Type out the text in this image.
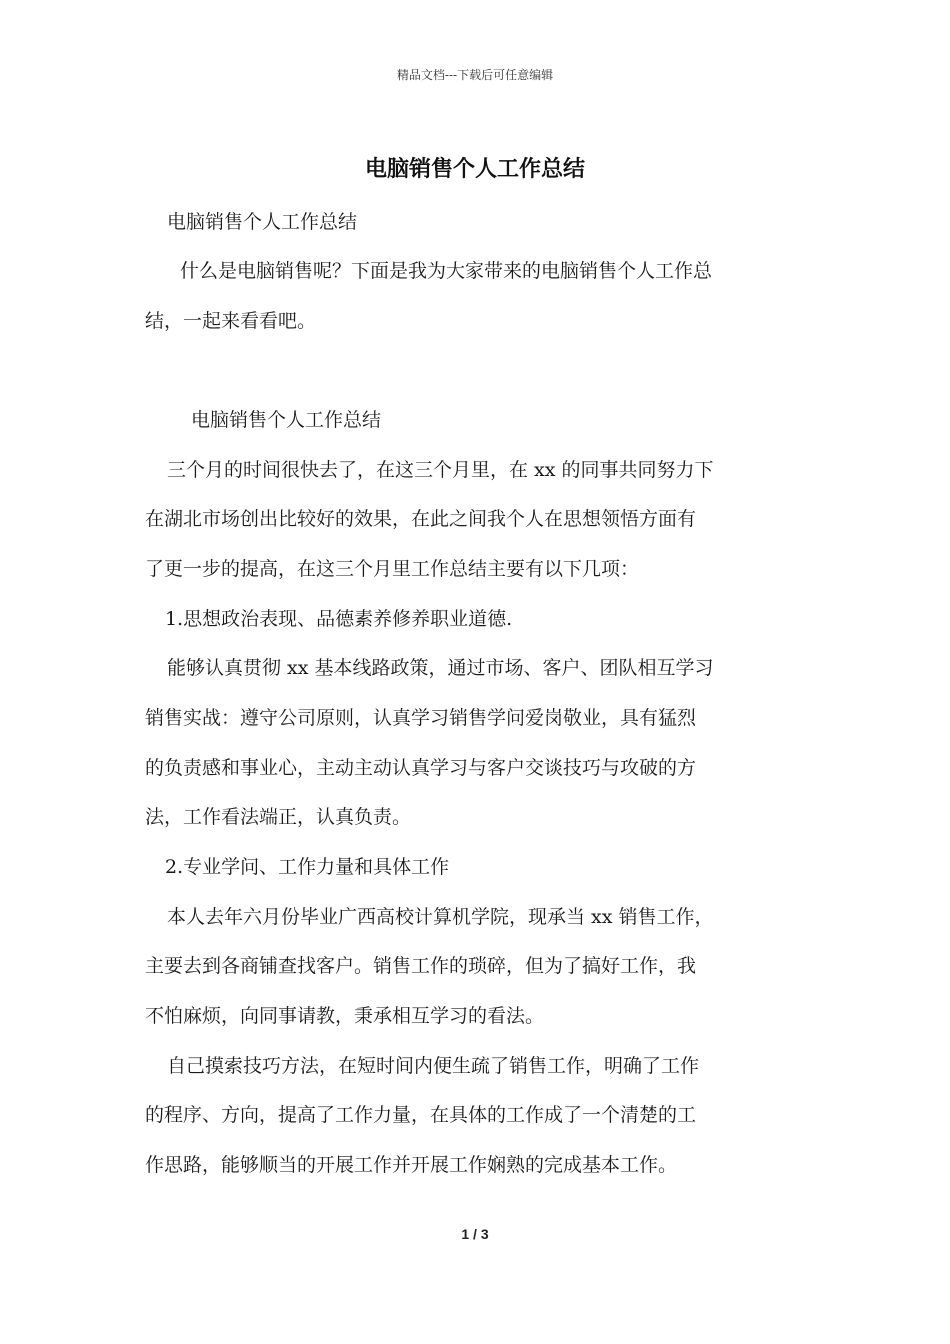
精品文档---下载后可任意编辑
电脑销售个人工作总结
电脑销售个人工作总结
什么是电脑销售呢？下面是我为大家带来的电脑销售个人工作总
结，一起来看看吧。
电脑销售个人工作总结
三个月的时间很快去了，在这三个月里，在 xx 的同事共同努力下
在湖北市场创出比较好的效果，在此之间我个人在思想领悟方面有
了更一步的提高，在这三个月里工作总结主要有以下几项：
1.思想政治表现、品德素养修养职业道德.
能够认真贯彻 xx 基本线路政策，通过市场、客户、团队相互学习
销售实战：遵守公司原则，认真学习销售学问爱岗敬业，具有猛烈
的负责感和事业心，主动主动认真学习与客户交谈技巧与攻破的方
法，工作看法端正，认真负责。
2.专业学问、工作力量和具体工作
本人去年六月份毕业广西高校计算机学院，现承当 xx 销售工作，
主要去到各商铺查找客户。销售工作的琐碎，但为了搞好工作，我
不怕麻烦，向同事请教，秉承相互学习的看法。
自己摸索技巧方法，在短时间内便生疏了销售工作，明确了工作
的程序、方向，提高了工作力量，在具体的工作成了一个清楚的工
作思路，能够顺当的开展工作并开展工作娴熟的完成基本工作。
1 / 3
